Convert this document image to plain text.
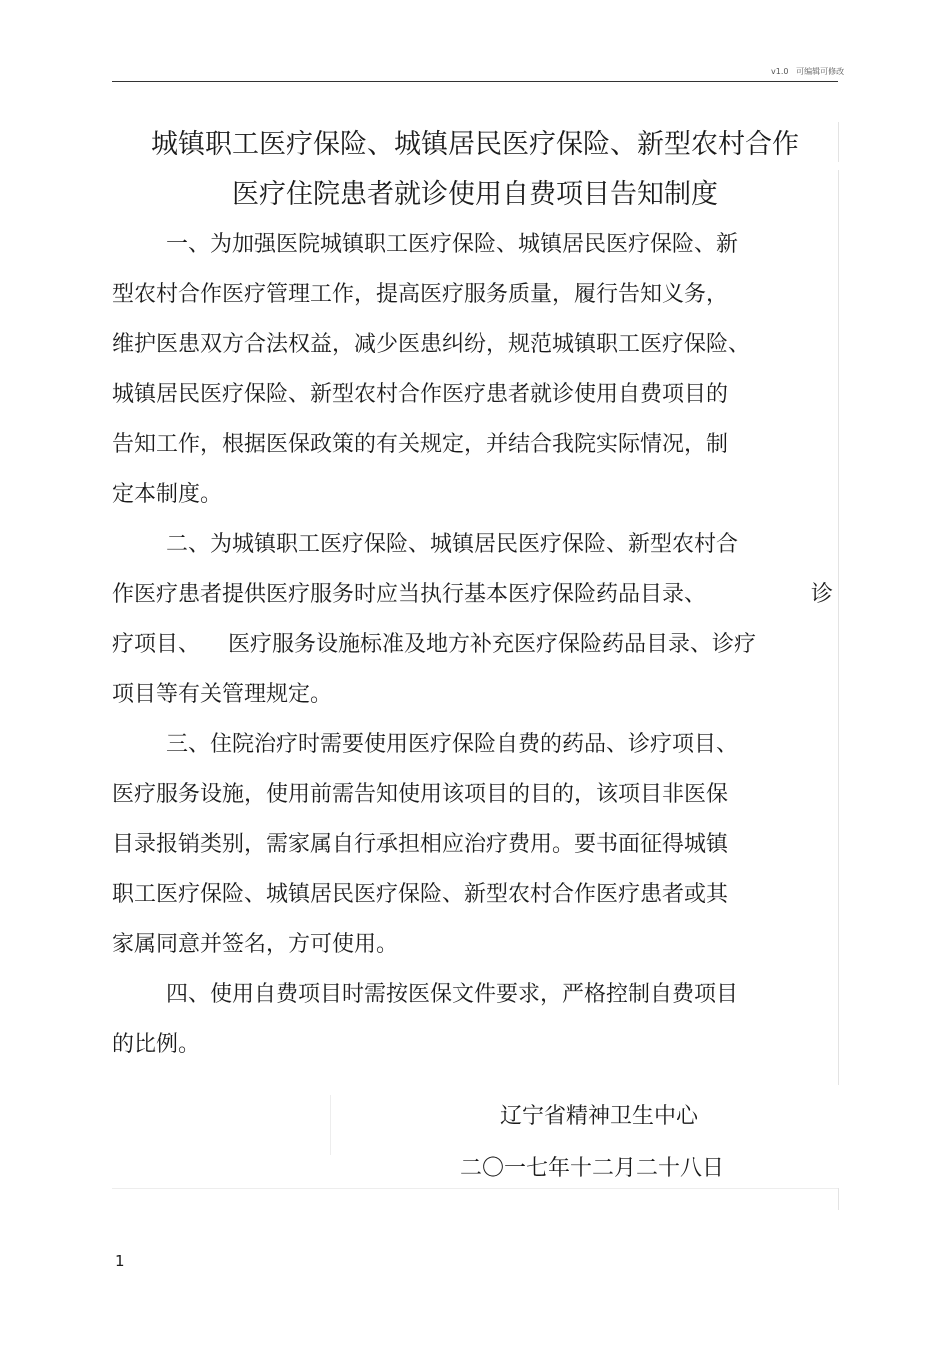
v1.0 可编辑可修改
城镇职工医疗保险、城镇居民医疗保险、新型农村合作
医疗住院患者就诊使用自费项目告知制度
一、为加强医院城镇职工医疗保险、城镇居民医疗保险、新
型农村合作医疗管理工作，提高医疗服务质量，履行告知义务，
维护医患双方合法权益，减少医患纠纷，规范城镇职工医疗保险、
城镇居民医疗保险、新型农村合作医疗患者就诊使用自费项目的
告知工作，根据医保政策的有关规定，并结合我院实际情况，制
定本制度。
二、为城镇职工医疗保险、城镇居民医疗保险、新型农村合
作医疗患者提供医疗服务时应当执行基本医疗保险药品目录、	诊
疗项目、 医疗服务设施标准及地方补充医疗保险药品目录、诊疗
项目等有关管理规定。
三、住院治疗时需要使用医疗保险自费的药品、诊疗项目、
医疗服务设施，使用前需告知使用该项目的目的，该项目非医保
目录报销类别，需家属自行承担相应治疗费用。要书面征得城镇
职工医疗保险、城镇居民医疗保险、新型农村合作医疗患者或其
家属同意并签名，方可使用。
四、使用自费项目时需按医保文件要求，严格控制自费项目
的比例。
辽宁省精神卫生中心
二〇一七年十二月二十八日
1
